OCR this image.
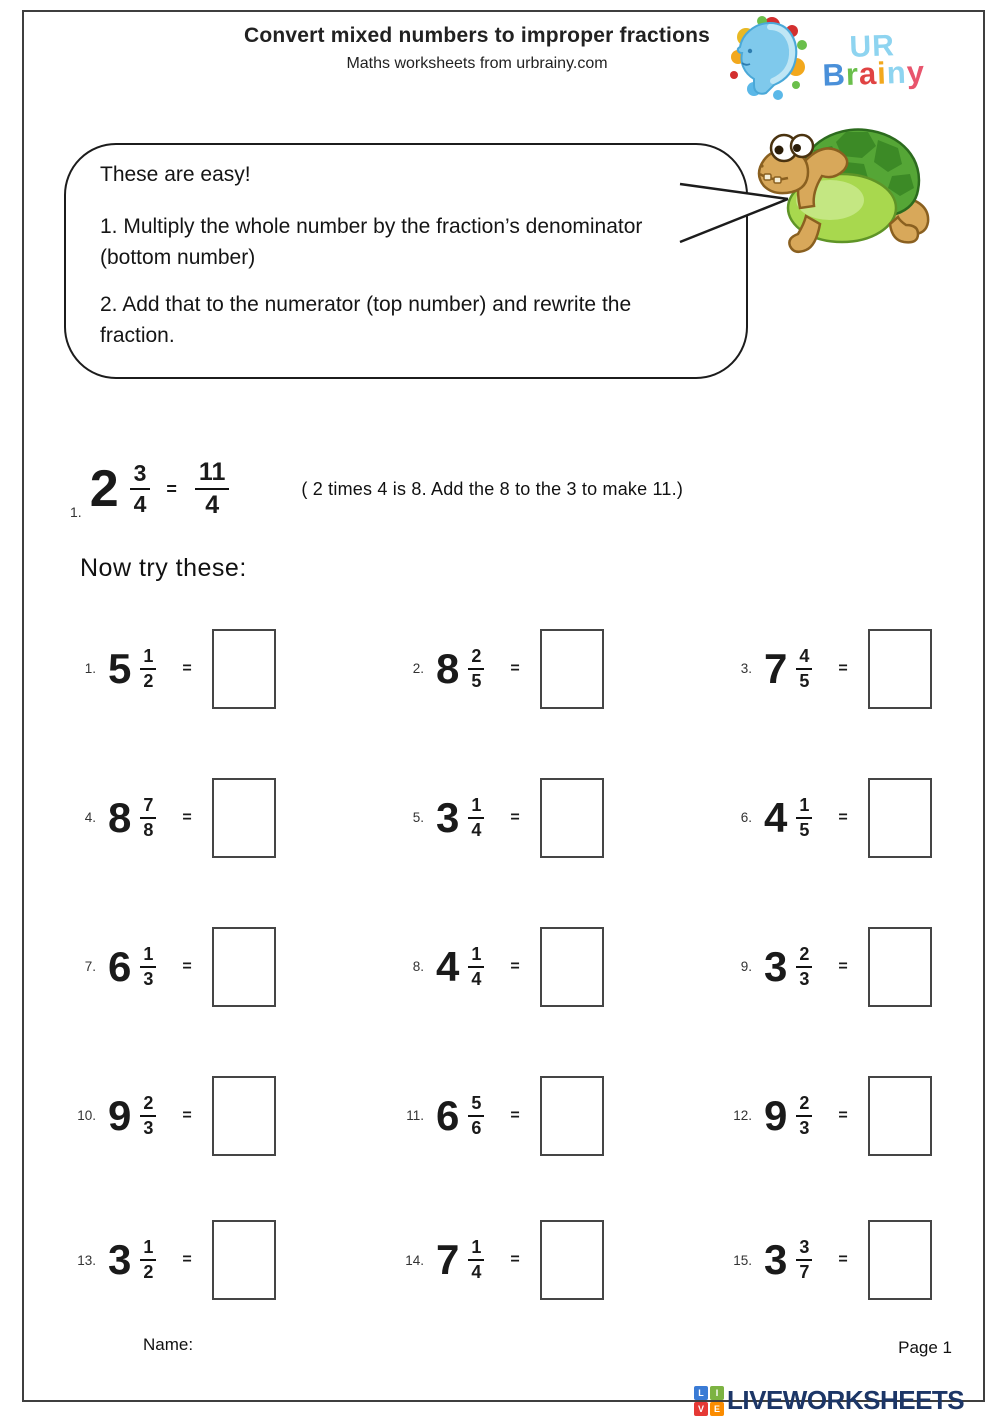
Convert mixed numbers to improper fractions
Maths worksheets from urbrainy.com
UR
Brainy

These are easy!

1. Multiply the whole number by the fraction’s denominator (bottom number)

2. Add that to the numerator (top number) and rewrite the fraction.

1. $2 \frac{3}{4} = \frac{11}{4}$	( 2 times 4 is 8. Add the 8 to the 3 to make 11.)
Now try these:
1. $5 \frac{1}{2}$ =	2. $8 \frac{2}{5}$ =	3. $7 \frac{4}{5}$ =
4. $8 \frac{7}{8}$ =	5. $3 \frac{1}{4}$ =	6. $4 \frac{1}{5}$ =
7. $6 \frac{1}{3}$ =	8. $4 \frac{1}{4}$ =	9. $3 \frac{2}{3}$ =
10. $9 \frac{2}{3}$ =	11. $6 \frac{5}{6}$ =	12. $9 \frac{2}{3}$ =
13. $3 \frac{1}{2}$ =	14. $7 \frac{1}{4}$ =	15. $3 \frac{3}{7}$ =
Name:	Page 1
L	I
V	E LIVEWORKSHEETS
